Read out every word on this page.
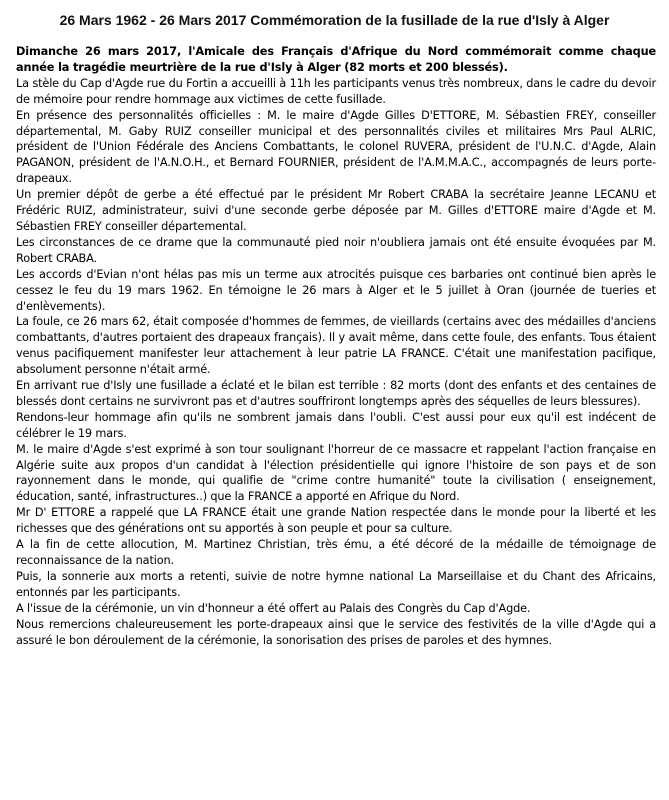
26 Mars 1962 - 26 Mars 2017 Commémoration de la fusillade de la rue d'Isly à Alger

Dimanche 26 mars 2017, l'Amicale des Français d'Afrique du Nord commémorait comme chaque année la tragédie meurtrière de la rue d'Isly à Alger (82 morts et 200 blessés).

La stèle du Cap d'Agde rue du Fortin a accueilli à 11h les participants venus très nombreux, dans le cadre du devoir de mémoire pour rendre hommage aux victimes de cette fusillade.

En présence des personnalités officielles : M. le maire d'Agde Gilles D'ETTORE, M. Sébastien FREY, conseiller départemental, M. Gaby RUIZ conseiller municipal et des personnalités civiles et militaires Mrs Paul ALRIC, président de l'Union Fédérale des Anciens Combattants, le colonel RUVERA, président de l'U.N.C. d'Agde, Alain PAGANON, président de l'A.N.O.H., et Bernard FOURNIER, président de l'A.M.M.A.C., accompagnés de leurs porte-drapeaux.

Un premier dépôt de gerbe a été effectué par le président Mr Robert CRABA la secrétaire Jeanne LECANU et Frédéric RUIZ, administrateur, suivi d'une seconde gerbe déposée par M. Gilles d'ETTORE maire d'Agde et M. Sébastien FREY conseiller départemental.

Les circonstances de ce drame que la communauté pied noir n'oubliera jamais ont été ensuite évoquées par M. Robert CRABA.

Les accords d'Evian n'ont hélas pas mis un terme aux atrocités puisque ces barbaries ont continué bien après le cessez le feu du 19 mars 1962. En témoigne le 26 mars à Alger et le 5 juillet à Oran (journée de tueries et d'enlèvements).

La foule, ce 26 mars 62, était composée d'hommes de femmes, de vieillards (certains avec des médailles d'anciens combattants, d'autres portaient des drapeaux français). Il y avait même, dans cette foule, des enfants. Tous étaient venus pacifiquement manifester leur attachement à leur patrie LA FRANCE. C'était une manifestation pacifique, absolument personne n'était armé.

En arrivant rue d'Isly une fusillade a éclaté et le bilan est terrible : 82 morts (dont des enfants et des centaines de blessés dont certains ne survivront pas et d'autres souffriront longtemps après des séquelles de leurs blessures).

Rendons-leur hommage afin qu'ils ne sombrent jamais dans l'oubli. C'est aussi pour eux qu'il est indécent de célébrer le 19 mars.

M. le maire d'Agde s'est exprimé à son tour soulignant l'horreur de ce massacre et rappelant l'action française en Algérie suite aux propos d'un candidat à l'élection présidentielle qui ignore l'histoire de son pays et de son rayonnement dans le monde, qui qualifie de "crime contre humanité" toute la civilisation ( enseignement, éducation, santé, infrastructures..) que la FRANCE a apporté en Afrique du Nord.

Mr D' ETTORE a rappelé que LA FRANCE était une grande Nation respectée dans le monde pour la liberté et les richesses que des générations ont su apportés à son peuple et pour sa culture.

A la fin de cette allocution, M. Martinez Christian, très ému, a été décoré de la médaille de témoignage de reconnaissance de la nation.

Puis, la sonnerie aux morts a retenti, suivie de notre hymne national La Marseillaise et du Chant des Africains, entonnés par les participants.

A l'issue de la cérémonie, un vin d'honneur a été offert au Palais des Congrès du Cap d'Agde.

Nous remercions chaleureusement les porte-drapeaux ainsi que le service des festivités de la ville d'Agde qui a assuré le bon déroulement de la cérémonie, la sonorisation des prises de paroles et des hymnes.
